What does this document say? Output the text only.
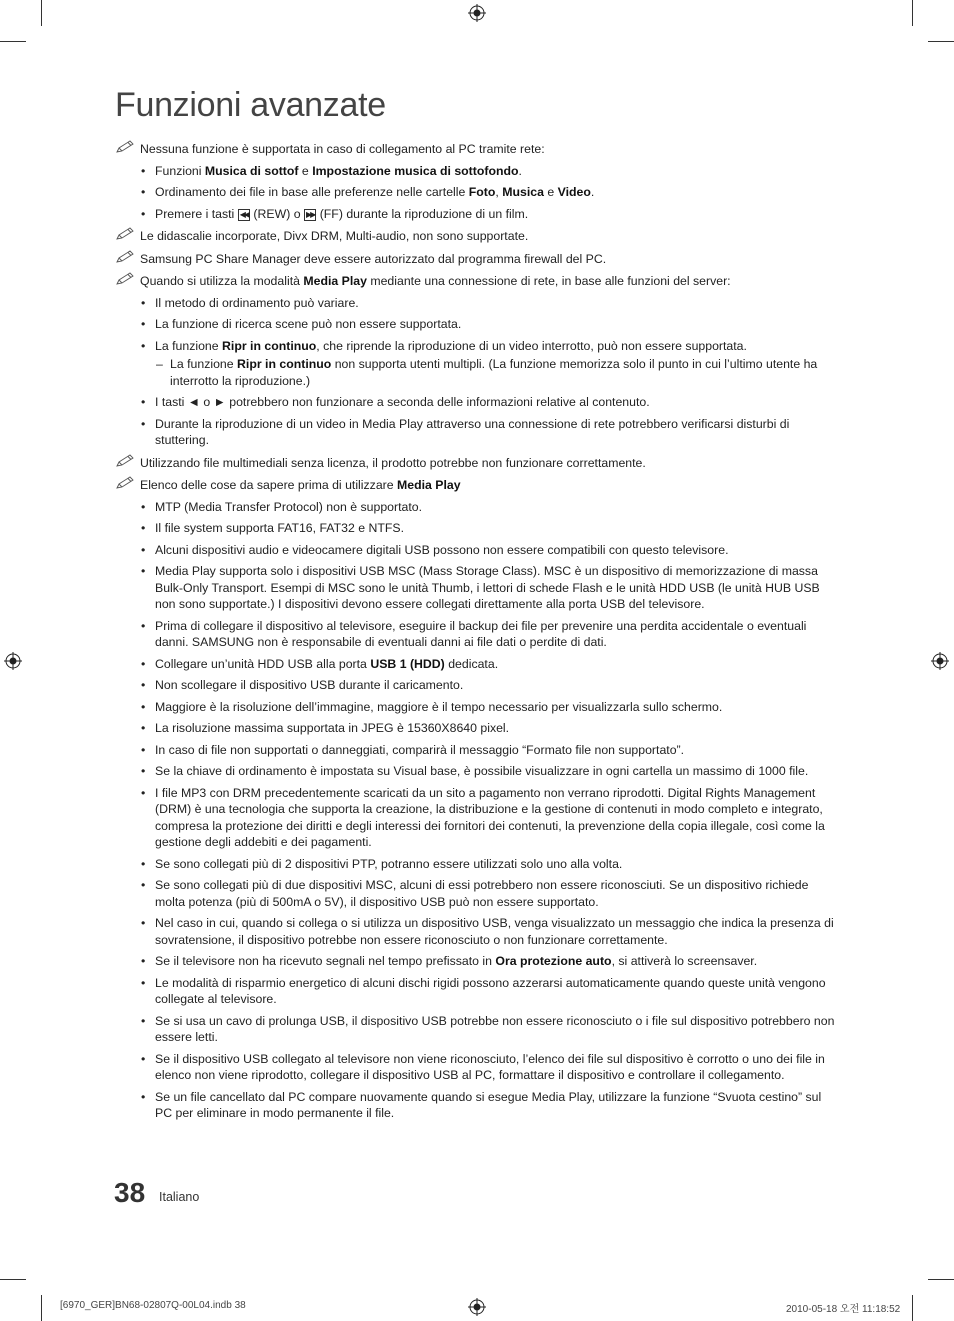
Funzioni avanzate
Nessuna funzione è supportata in caso di collegamento al PC tramite rete:
• Funzioni Musica di sottof e Impostazione musica di sottofondo.
• Ordinamento dei file in base alle preferenze nelle cartelle Foto, Musica e Video.
• Premere i tasti ◀◀ (REW) o ▶▶ (FF) durante la riproduzione di un film.
Le didascalie incorporate, Divx DRM, Multi-audio, non sono supportate.
Samsung PC Share Manager deve essere autorizzato dal programma firewall del PC.
Quando si utilizza la modalità Media Play mediante una connessione di rete, in base alle funzioni del server:
• Il metodo di ordinamento può variare.
• La funzione di ricerca scene può non essere supportata.
• La funzione Ripr in continuo, che riprende la riproduzione di un video interrotto, può non essere supportata.
– La funzione Ripr in continuo non supporta utenti multipli. (La funzione memorizza solo il punto in cui l’ultimo utente ha interrotto la riproduzione.)
• I tasti ◄ o ► potrebbero non funzionare a seconda delle informazioni relative al contenuto.
• Durante la riproduzione di un video in Media Play attraverso una connessione di rete potrebbero verificarsi disturbi di stuttering.
Utilizzando file multimediali senza licenza, il prodotto potrebbe non funzionare correttamente.
Elenco delle cose da sapere prima di utilizzare Media Play
• MTP (Media Transfer Protocol) non è supportato.
• Il file system supporta FAT16, FAT32 e NTFS.
• Alcuni dispositivi audio e videocamere digitali USB possono non essere compatibili con questo televisore.
• Media Play supporta solo i dispositivi USB MSC (Mass Storage Class). MSC è un dispositivo di memorizzazione di massa Bulk-Only Transport. Esempi di MSC sono le unità Thumb, i lettori di schede Flash e le unità HDD USB (le unità HUB USB non sono supportate.) I dispositivi devono essere collegati direttamente alla porta USB del televisore.
• Prima di collegare il dispositivo al televisore, eseguire il backup dei file per prevenire una perdita accidentale o eventuali danni. SAMSUNG non è responsabile di eventuali danni ai file dati o perdite di dati.
• Collegare un’unità HDD USB alla porta USB 1 (HDD) dedicata.
• Non scollegare il dispositivo USB durante il caricamento.
• Maggiore è la risoluzione dell’immagine, maggiore è il tempo necessario per visualizzarla sullo schermo.
• La risoluzione massima supportata in JPEG è 15360X8640 pixel.
• In caso di file non supportati o danneggiati, comparirà il messaggio “Formato file non supportato”.
• Se la chiave di ordinamento è impostata su Visual base, è possibile visualizzare in ogni cartella un massimo di 1000 file.
• I file MP3 con DRM precedentemente scaricati da un sito a pagamento non verrano riprodotti. Digital Rights Management (DRM) è una tecnologia che supporta la creazione, la distribuzione e la gestione di contenuti in modo completo e integrato, compresa la protezione dei diritti e degli interessi dei fornitori dei contenuti, la prevenzione della copia illegale, così come la gestione degli addebiti e dei pagamenti.
• Se sono collegati più di 2 dispositivi PTP, potranno essere utilizzati solo uno alla volta.
• Se sono collegati più di due dispositivi MSC, alcuni di essi potrebbero non essere riconosciuti. Se un dispositivo richiede molta potenza (più di 500mA o 5V), il dispositivo USB può non essere supportato.
• Nel caso in cui, quando si collega o si utilizza un dispositivo USB, venga visualizzato un messaggio che indica la presenza di sovratensione, il dispositivo potrebbe non essere riconosciuto o non funzionare correttamente.
• Se il televisore non ha ricevuto segnali nel tempo prefissato in Ora protezione auto, si attiverà lo screensaver.
• Le modalità di risparmio energetico di alcuni dischi rigidi possono azzerarsi automaticamente quando queste unità vengono collegate al televisore.
• Se si usa un cavo di prolunga USB, il dispositivo USB potrebbe non essere riconosciuto o i file sul dispositivo potrebbero non essere letti.
• Se il dispositivo USB collegato al televisore non viene riconosciuto, l’elenco dei file sul dispositivo è corrotto o uno dei file in elenco non viene riprodotto, collegare il dispositivo USB al PC, formattare il dispositivo e controllare il collegamento.
• Se un file cancellato dal PC compare nuovamente quando si esegue Media Play, utilizzare la funzione “Svuota cestino” sul PC per eliminare in modo permanente il file.
38 Italiano
[6970_GER]BN68-02807Q-00L04.indb 38	2010-05-18 오전 11:18:52
